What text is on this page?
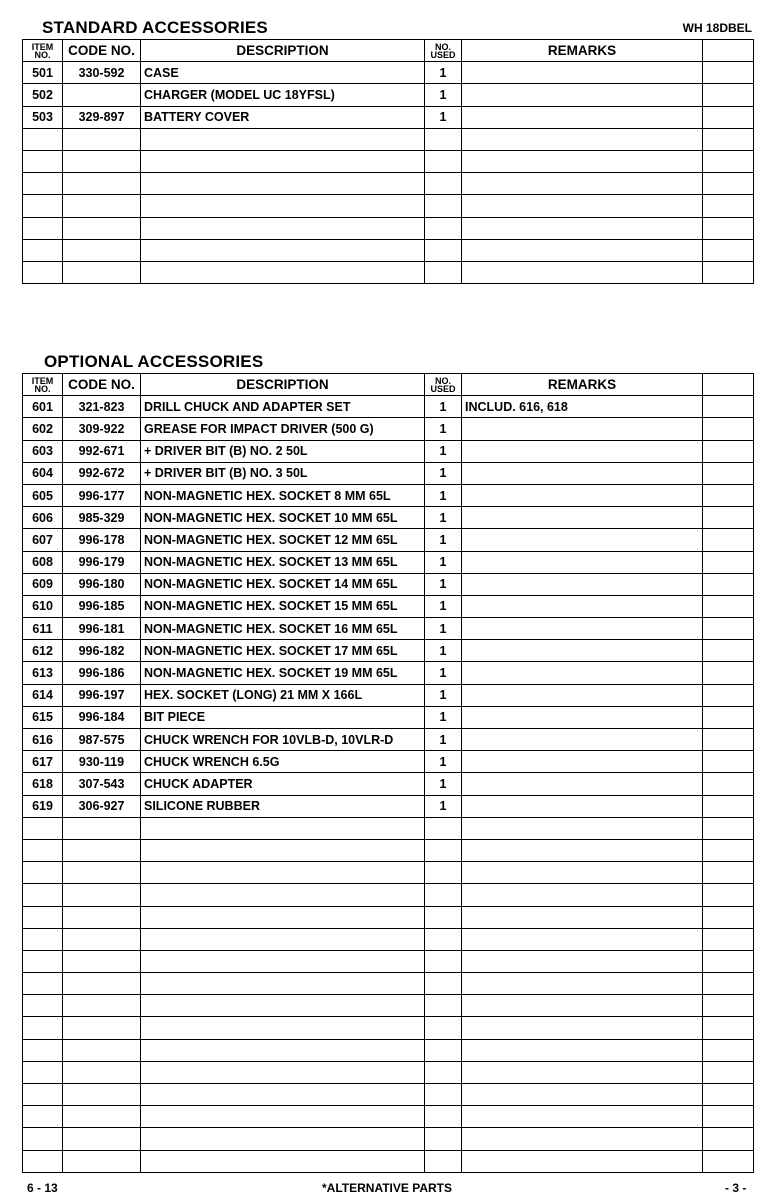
STANDARD ACCESSORIES	WH 18DBEL
ITEM
NO.	CODE NO.	DESCRIPTION	NO.
USED	REMARKS	
501	330-592	CASE	1		
502		CHARGER (MODEL UC 18YFSL)	1		
503	329-897	BATTERY COVER	1		

OPTIONAL ACCESSORIES
ITEM
NO.	CODE NO.	DESCRIPTION	NO.
USED	REMARKS	
601	321-823	DRILL CHUCK AND ADAPTER SET	1	INCLUD. 616, 618	
602	309-922	GREASE FOR IMPACT DRIVER (500 G)	1		
603	992-671	+ DRIVER BIT (B) NO. 2 50L	1		
604	992-672	+ DRIVER BIT (B) NO. 3 50L	1		
605	996-177	NON-MAGNETIC HEX. SOCKET 8 MM 65L	1		
606	985-329	NON-MAGNETIC HEX. SOCKET 10 MM 65L	1		
607	996-178	NON-MAGNETIC HEX. SOCKET 12 MM 65L	1		
608	996-179	NON-MAGNETIC HEX. SOCKET 13 MM 65L	1		
609	996-180	NON-MAGNETIC HEX. SOCKET 14 MM 65L	1		
610	996-185	NON-MAGNETIC HEX. SOCKET 15 MM 65L	1		
611	996-181	NON-MAGNETIC HEX. SOCKET 16 MM 65L	1		
612	996-182	NON-MAGNETIC HEX. SOCKET 17 MM 65L	1		
613	996-186	NON-MAGNETIC HEX. SOCKET 19 MM 65L	1		
614	996-197	HEX. SOCKET (LONG) 21 MM X 166L	1		
615	996-184	BIT PIECE	1		
616	987-575	CHUCK WRENCH FOR 10VLB-D, 10VLR-D	1		
617	930-119	CHUCK WRENCH 6.5G	1		
618	307-543	CHUCK ADAPTER	1		
619	306-927	SILICONE RUBBER	1		

6 - 13	*ALTERNATIVE PARTS	- 3 -
